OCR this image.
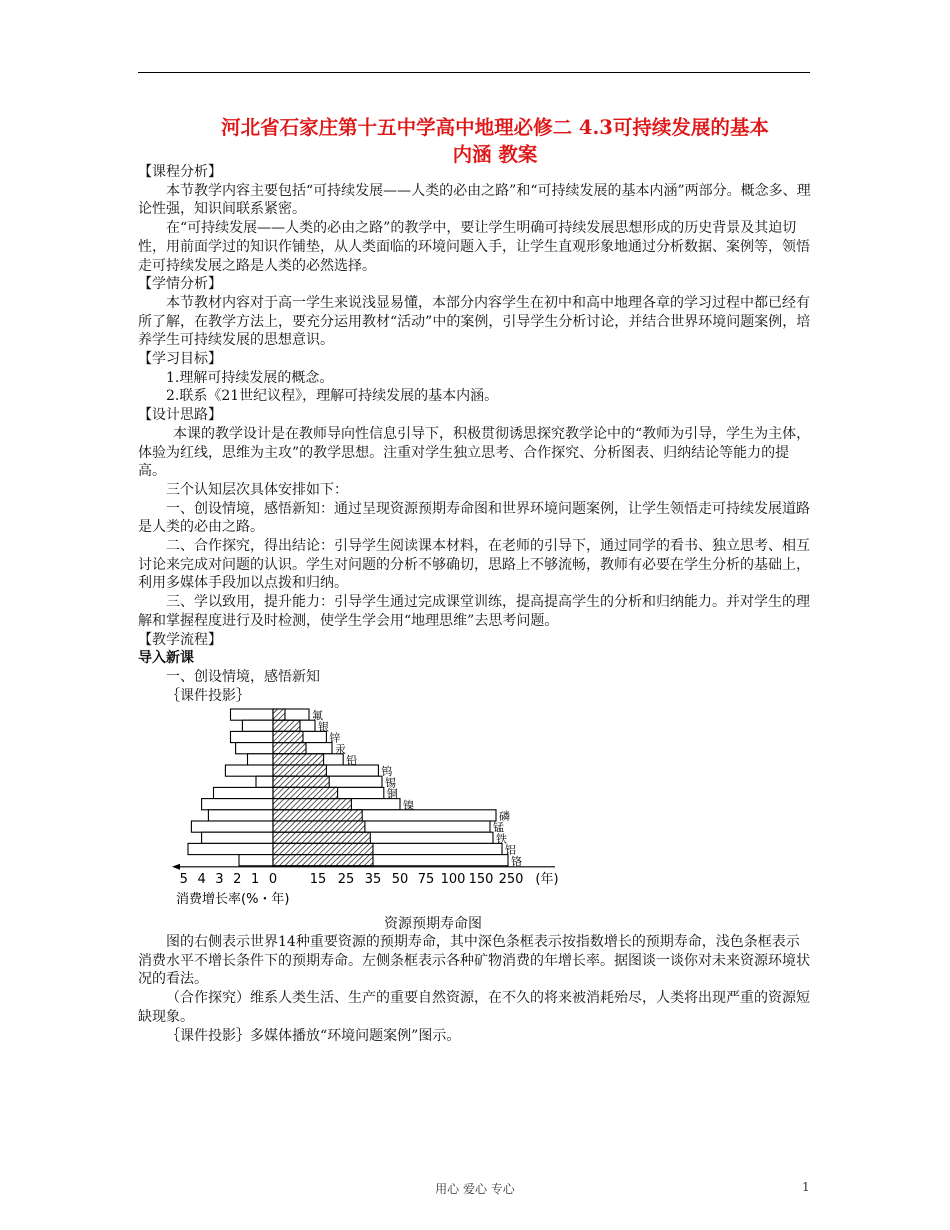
河北省石家庄第十五中学高中地理必修二 4.3可持续发展的基本
内涵 教案

【课程分析】

本节教学内容主要包括“可持续发展——人类的必由之路”和“可持续发展的基本内涵”两部分。概念多、理论性强，知识间联系紧密。

在“可持续发展——人类的必由之路”的教学中，要让学生明确可持续发展思想形成的历史背景及其迫切性，用前面学过的知识作铺垫，从人类面临的环境问题入手，让学生直观形象地通过分析数据、案例等，领悟走可持续发展之路是人类的必然选择。

【学情分析】

本节教材内容对于高一学生来说浅显易懂，本部分内容学生在初中和高中地理各章的学习过程中都已经有所了解，在教学方法上，要充分运用教材“活动”中的案例，引导学生分析讨论，并结合世界环境问题案例，培养学生可持续发展的思想意识。

【学习目标】

1.理解可持续发展的概念。

2.联系《21世纪议程》，理解可持续发展的基本内涵。

【设计思路】

本课的教学设计是在教师导向性信息引导下，积极贯彻诱思探究教学论中的“教师为引导，学生为主体，体验为红线，思维为主攻”的教学思想。注重对学生独立思考、合作探究、分析图表、归纳结论等能力的提高。

三个认知层次具体安排如下：

一、创设情境，感悟新知：通过呈现资源预期寿命图和世界环境问题案例，让学生领悟走可持续发展道路是人类的必由之路。

二、合作探究，得出结论：引导学生阅读课本材料，在老师的引导下，通过同学的看书、独立思考、相互讨论来完成对问题的认识。学生对问题的分析不够确切，思路上不够流畅，教师有必要在学生分析的基础上，利用多媒体手段加以点拨和归纳。

三、学以致用，提升能力：引导学生通过完成课堂训练，提高提高学生的分析和归纳能力。并对学生的理解和掌握程度进行及时检测，使学生学会用“地理思维”去思考问题。

【教学流程】

导入新课

一、创设情境，感悟新知

｛课件投影｝

氟
银
锌
汞
铅
钨
锡
铜
镍
磷
锰
铁
铝
铬
5 4 3 2 1 0	15 25 35 50 75 100 150 250 (年)
消费增长率(%・年)
资源预期寿命图

图的右侧表示世界14种重要资源的预期寿命，其中深色条框表示按指数增长的预期寿命，浅色条框表示消费水平不增长条件下的预期寿命。左侧条框表示各种矿物消费的年增长率。据图谈一谈你对未来资源环境状况的看法。

（合作探究）维系人类生活、生产的重要自然资源，在不久的将来被消耗殆尽，人类将出现严重的资源短缺现象。

｛课件投影｝多媒体播放“环境问题案例”图示。

用心 爱心 专心	1
